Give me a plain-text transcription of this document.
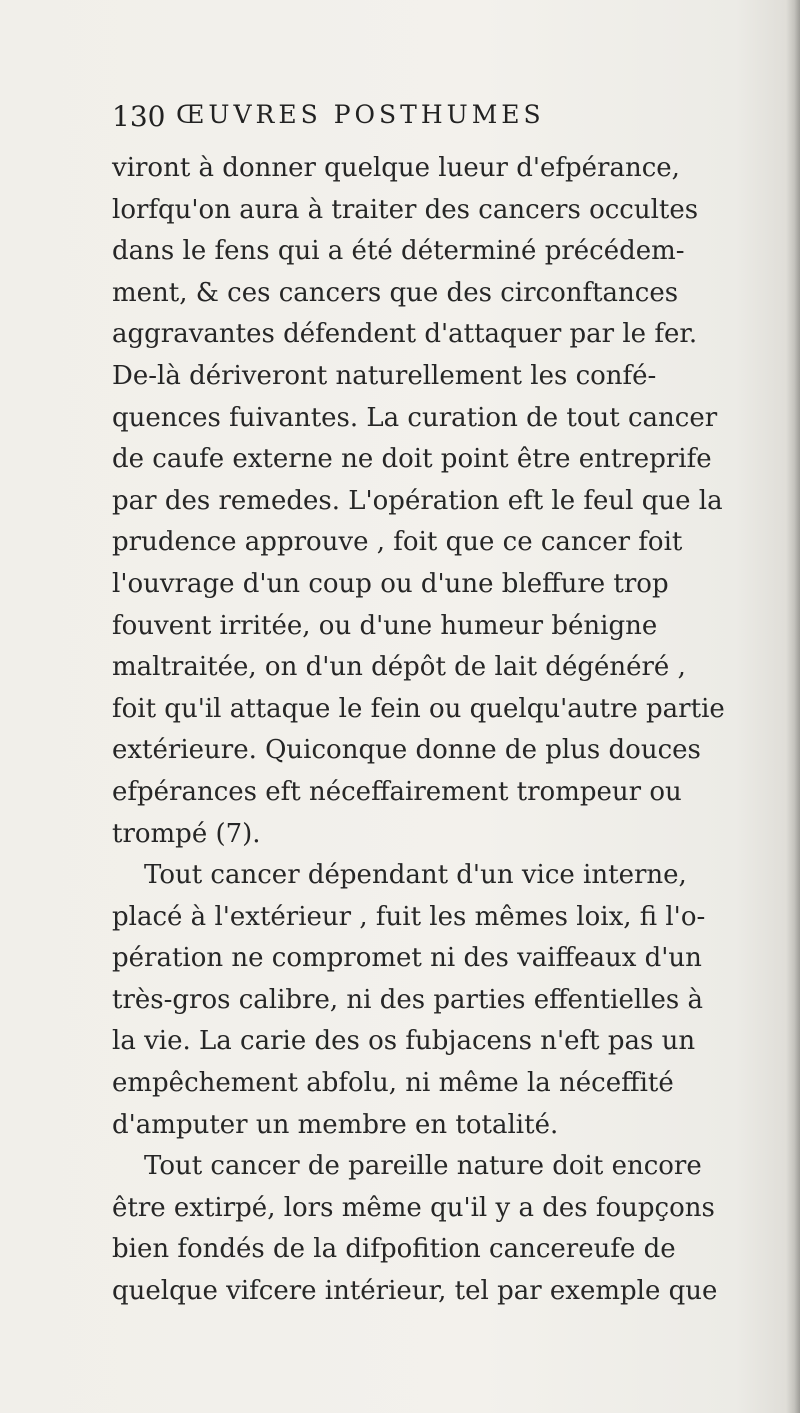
130 ŒUVRES POSTHUMES
viront à donner quelque lueur d'efpérance,
lorfqu'on aura à traiter des cancers occultes
dans le fens qui a été déterminé précédem-
ment, & ces cancers que des circonftances
aggravantes défendent d'attaquer par le fer.
De-là dériveront naturellement les confé-
quences fuivantes. La curation de tout cancer
de caufe externe ne doit point être entreprife
par des remedes. L'opération eft le feul que la
prudence approuve , foit que ce cancer foit
l'ouvrage d'un coup ou d'une bleffure trop
fouvent irritée, ou d'une humeur bénigne
maltraitée, on d'un dépôt de lait dégénéré ,
foit qu'il attaque le fein ou quelqu'autre partie
extérieure. Quiconque donne de plus douces
efpérances eft néceffairement trompeur ou
trompé (7).
Tout cancer dépendant d'un vice interne,
placé à l'extérieur , fuit les mêmes loix, fi l'o-
pération ne compromet ni des vaiffeaux d'un
très-gros calibre, ni des parties effentielles à
la vie. La carie des os fubjacens n'eft pas un
empêchement abfolu, ni même la néceffité
d'amputer un membre en totalité.
Tout cancer de pareille nature doit encore
être extirpé, lors même qu'il y a des foupçons
bien fondés de la difpofition cancereufe de
quelque vifcere intérieur, tel par exemple que
